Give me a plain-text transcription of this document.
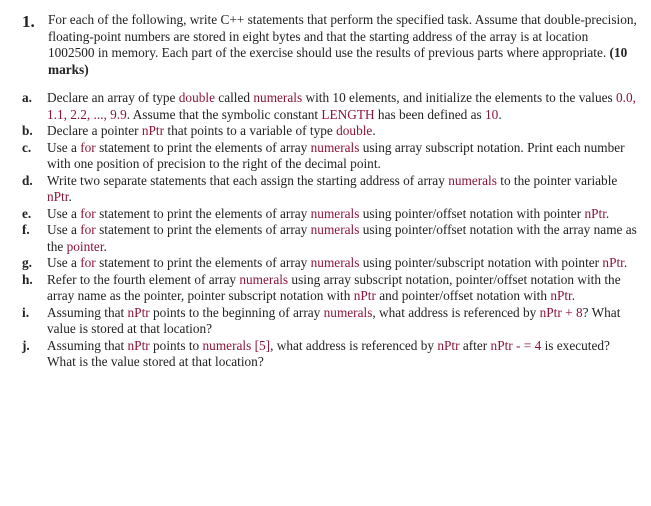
1. For each of the following, write C++ statements that perform the specified task. Assume that double-precision, floating-point numbers are stored in eight bytes and that the starting address of the array is at location 1002500 in memory. Each part of the exercise should use the results of previous parts where appropriate. (10 marks)
a.	Declare an array of type double called numerals with 10 elements, and initialize the elements to the values 0.0, 1.1, 2.2, ..., 9.9. Assume that the symbolic constant LENGTH has been defined as 10.
b.	Declare a pointer nPtr that points to a variable of type double.
c.	Use a for statement to print the elements of array numerals using array subscript notation. Print each number with one position of precision to the right of the decimal point.
d.	Write two separate statements that each assign the starting address of array numerals to the pointer variable nPtr.
e.	Use a for statement to print the elements of array numerals using pointer/offset notation with pointer nPtr.
f.	Use a for statement to print the elements of array numerals using pointer/offset notation with the array name as the pointer.
g.	Use a for statement to print the elements of array numerals using pointer/subscript notation with pointer nPtr.
h.	Refer to the fourth element of array numerals using array subscript notation, pointer/offset notation with the array name as the pointer, pointer subscript notation with nPtr and pointer/offset notation with nPtr.
i.	Assuming that nPtr points to the beginning of array numerals, what address is referenced by nPtr + 8? What value is stored at that location?
j.	Assuming that nPtr points to numerals [5], what address is referenced by nPtr after nPtr - = 4 is executed? What is the value stored at that location?
